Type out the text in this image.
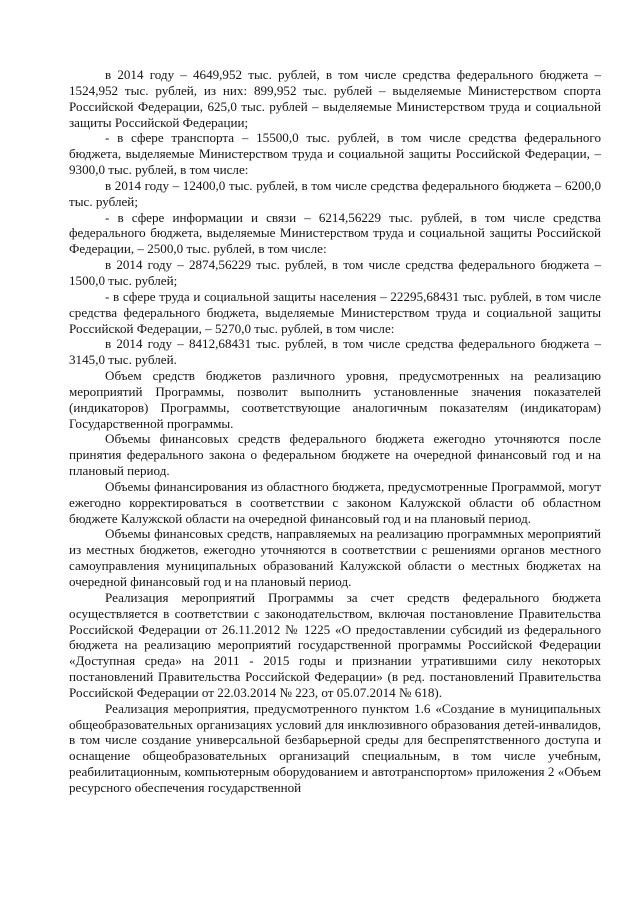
в 2014 году – 4649,952 тыс. рублей, в том числе средства федерального бюджета – 1524,952 тыс. рублей, из них: 899,952 тыс. рублей – выделяемые Министерством спорта Российской Федерации, 625,0 тыс. рублей – выделяемые Министерством труда и социальной защиты Российской Федерации;

- в сфере транспорта – 15500,0 тыс. рублей, в том числе средства федерального бюджета, выделяемые Министерством труда и социальной защиты Российской Федерации, – 9300,0 тыс. рублей, в том числе:

в 2014 году – 12400,0 тыс. рублей, в том числе средства федерального бюджета – 6200,0 тыс. рублей;

- в сфере информации и связи – 6214,56229 тыс. рублей, в том числе средства федерального бюджета, выделяемые Министерством труда и социальной защиты Российской Федерации, – 2500,0 тыс. рублей, в том числе:

в 2014 году – 2874,56229 тыс. рублей, в том числе средства федерального бюджета – 1500,0 тыс. рублей;

- в сфере труда и социальной защиты населения – 22295,68431 тыс. рублей, в том числе средства федерального бюджета, выделяемые Министерством труда и социальной защиты Российской Федерации, – 5270,0 тыс. рублей, в том числе:

в 2014 году – 8412,68431 тыс. рублей, в том числе средства федерального бюджета – 3145,0 тыс. рублей.

Объем средств бюджетов различного уровня, предусмотренных на реализацию мероприятий Программы, позволит выполнить установленные значения показателей (индикаторов) Программы, соответствующие аналогичным показателям (индикаторам) Государственной программы.

Объемы финансовых средств федерального бюджета ежегодно уточняются после принятия федерального закона о федеральном бюджете на очередной финансовый год и на плановый период.

Объемы финансирования из областного бюджета, предусмотренные Программой, могут ежегодно корректироваться в соответствии с законом Калужской области об областном бюджете Калужской области на очередной финансовый год и на плановый период.

Объемы финансовых средств, направляемых на реализацию программных мероприятий из местных бюджетов, ежегодно уточняются в соответствии с решениями органов местного самоуправления муниципальных образований Калужской области о местных бюджетах на очередной финансовый год и на плановый период.

Реализация мероприятий Программы за счет средств федерального бюджета осуществляется в соответствии с законодательством, включая постановление Правительства Российской Федерации от 26.11.2012 № 1225 «О предоставлении субсидий из федерального бюджета на реализацию мероприятий государственной программы Российской Федерации «Доступная среда» на 2011 - 2015 годы и признании утратившими силу некоторых постановлений Правительства Российской Федерации» (в ред. постановлений Правительства Российской Федерации от 22.03.2014 № 223, от 05.07.2014 № 618).

Реализация мероприятия, предусмотренного пунктом 1.6 «Создание в муниципальных общеобразовательных организациях условий для инклюзивного образования детей-инвалидов, в том числе создание универсальной безбарьерной среды для беспрепятственного доступа и оснащение общеобразовательных организаций специальным, в том числе учебным, реабилитационным, компьютерным оборудованием и автотранспортом» приложения 2 «Объем ресурсного обеспечения государственной
